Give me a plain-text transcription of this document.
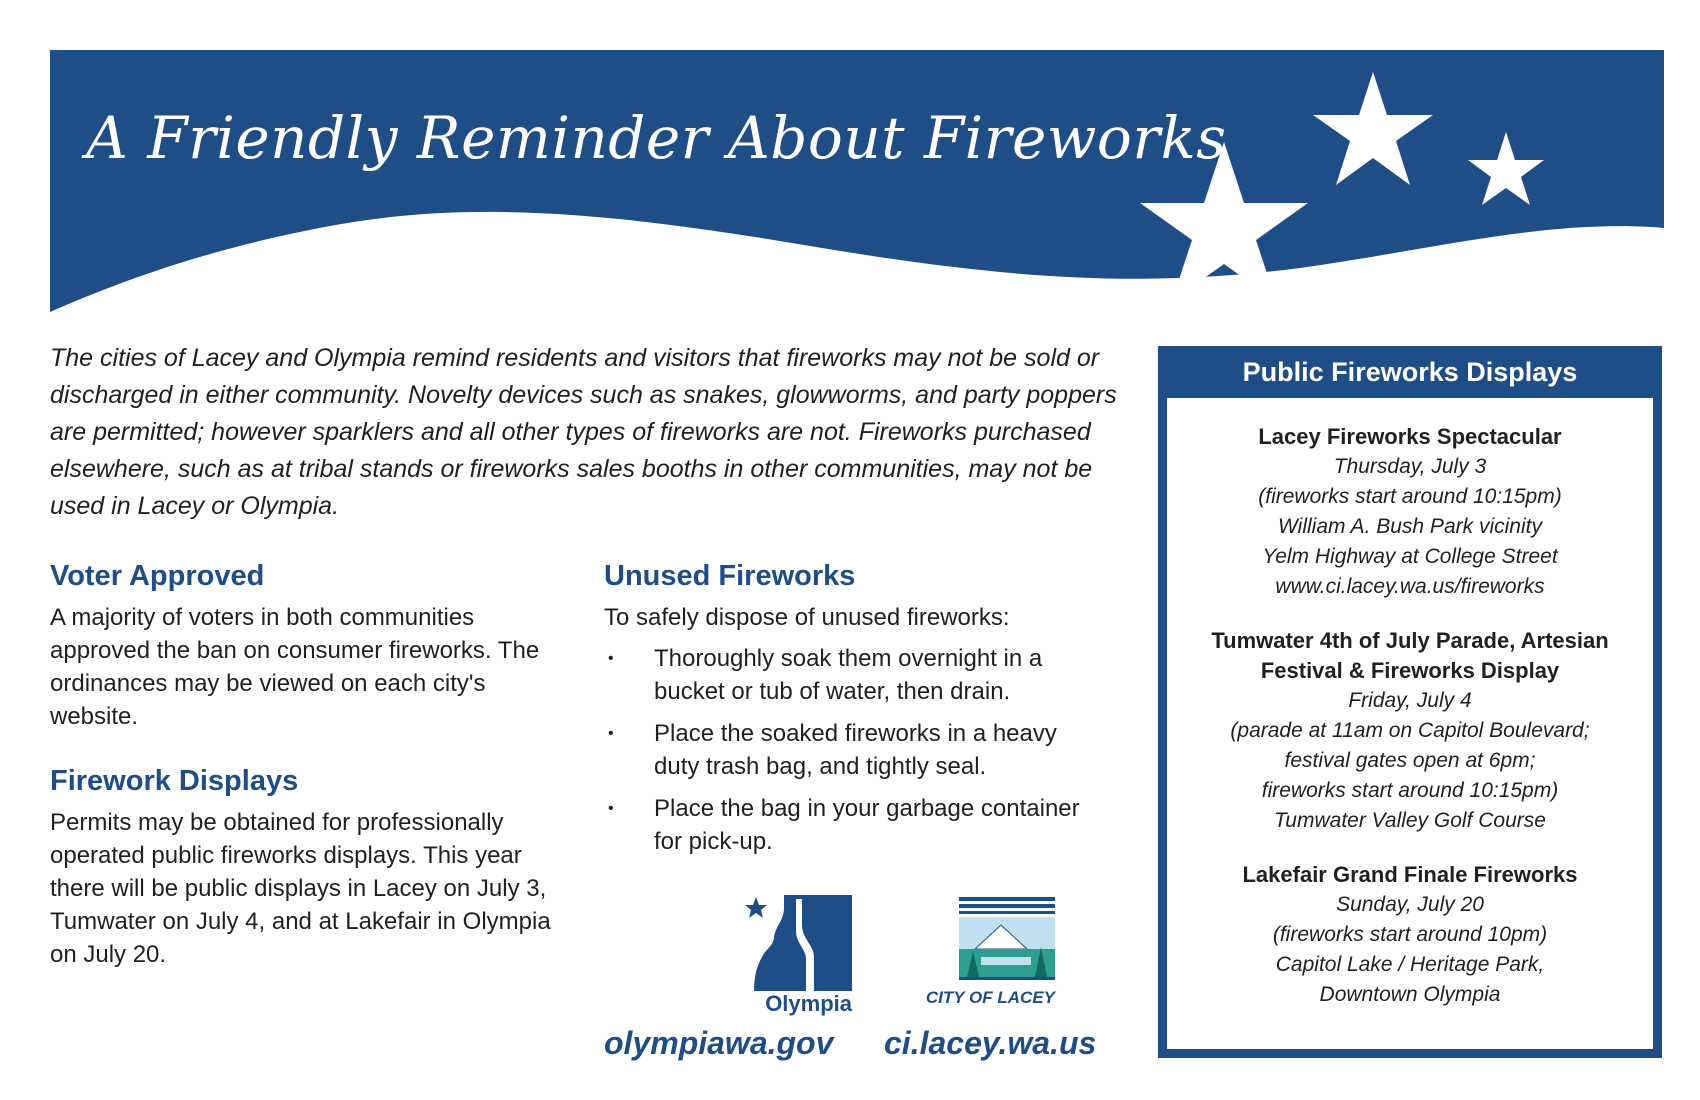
A Friendly Reminder About Fireworks

The cities of Lacey and Olympia remind residents and visitors that fireworks may not be sold or discharged in either community. Novelty devices such as snakes, glowworms, and party poppers are permitted; however sparklers and all other types of fireworks are not. Fireworks purchased elsewhere, such as at tribal stands or fireworks sales booths in other communities, may not be used in Lacey or Olympia.

Voter Approved

A majority of voters in both communities approved the ban on consumer fireworks. The ordinances may be viewed on each city's website.

Firework Displays

Permits may be obtained for professionally operated public fireworks displays. This year there will be public displays in Lacey on July 3, Tumwater on July 4, and at Lakefair in Olympia on July 20.

Unused Fireworks

To safely dispose of unused fireworks:

• Thoroughly soak them overnight in a bucket or tub of water, then drain.
• Place the soaked fireworks in a heavy duty trash bag, and tightly seal.
• Place the bag in your garbage container for pick-up.
Olympia	CITY OF LACEY
olympiawa.gov ci.lacey.wa.us
Public Fireworks Displays

Lacey Fireworks Spectacular

Thursday, July 3

(fireworks start around 10:15pm)

William A. Bush Park vicinity

Yelm Highway at College Street

www.ci.lacey.wa.us/fireworks

Tumwater 4th of July Parade, Artesian Festival & Fireworks Display

Friday, July 4

(parade at 11am on Capitol Boulevard;

festival gates open at 6pm;

fireworks start around 10:15pm)

Tumwater Valley Golf Course

Lakefair Grand Finale Fireworks

Sunday, July 20

(fireworks start around 10pm)

Capitol Lake / Heritage Park,

Downtown Olympia
